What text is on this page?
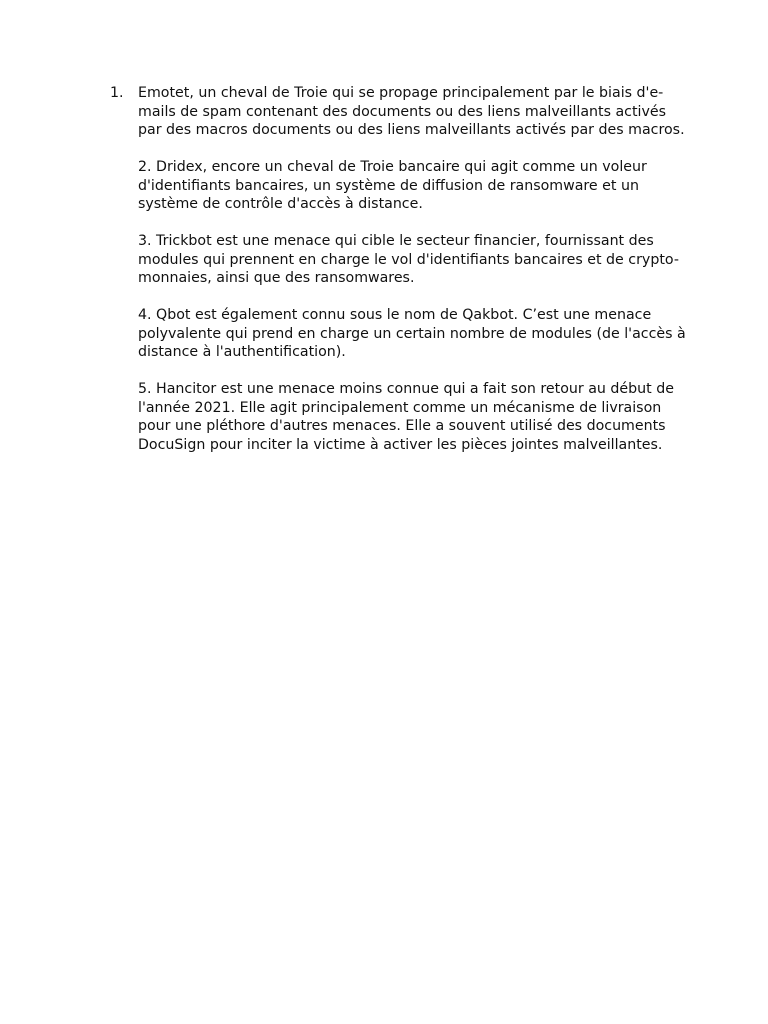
1. Emotet, un cheval de Troie qui se propage principalement par le biais d'e-mails de spam contenant des documents ou des liens malveillants activés par des macros documents ou des liens malveillants activés par des macros.
2. Dridex, encore un cheval de Troie bancaire qui agit comme un voleur d'identifiants bancaires, un système de diffusion de ransomware et un système de contrôle d'accès à distance.
3. Trickbot est une menace qui cible le secteur financier, fournissant des modules qui prennent en charge le vol d'identifiants bancaires et de crypto-monnaies, ainsi que des ransomwares.
4. Qbot est également connu sous le nom de Qakbot. C’est une menace polyvalente qui prend en charge un certain nombre de modules (de l'accès à distance à l'authentification).
5. Hancitor est une menace moins connue qui a fait son retour au début de l'année 2021. Elle agit principalement comme un mécanisme de livraison pour une pléthore d'autres menaces. Elle a souvent utilisé des documents DocuSign pour inciter la victime à activer les pièces jointes malveillantes.
